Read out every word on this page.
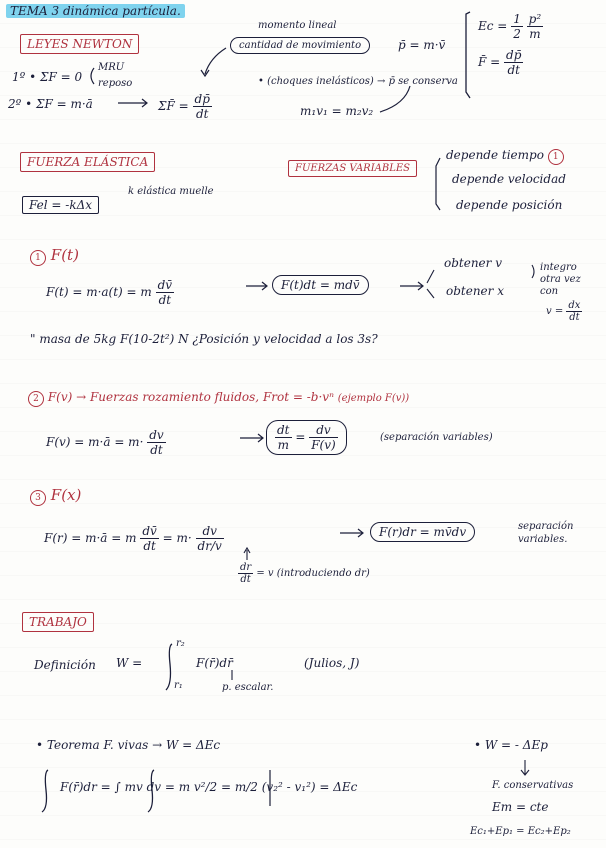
TEMA 3 dinámica partícula.
LEYES NEWTON
1º • ΣF = 0
MRU
reposo
2º • ΣF = m·ā	ΣF̄ = $\frac{dp̄}{dt}$
momento lineal
cantidad de movimiento	p̄ = m·v̄
• (choques inelásticos) → p̄ se conserva
m₁v₁ = m₂v₂
$Ec = \frac{1}{2}$
$\frac{\text{p²}}{m}$
F̄ = $\frac{dp̄}{dt}$
FUERZA ELÁSTICA
Fel = -kΔx
k elástica muelle
FUERZAS VARIABLES
depende tiempo 1
depende velocidad
depende posición
1 F(t)
F(t) = m·a(t) = m $\frac{dv̄}{dt}$	F(t)dt = mdv̄
obtener v
obtener x
integro otra vez con
$v = \frac{dx}{dt}$
" masa de 5kg F(10-2t²) N ¿Posición y velocidad a los 3s?
2 F(v) → Fuerzas rozamiento fluidos, Frot = -b·vⁿ (ejemplo F(v))
F(v) = m·ā = $m\cdot \frac{dv}{dt}$	$\frac{dt}{m} = \frac{dv}{F(v)}$	(separación variables)
3 F(x)
F(r) = m·ā = m $\frac{dv̄}{dt} = m\cdot \frac{dv}{dr/v}$	F(r)dr = mv̄dv	separación variables.
$\frac{dr}{dt} = v$ (introduciendo dr)
TRABAJO
Definición W =
r₂
r₁
F(r̄)dr̄	(Julios, J)
p. escalar.
• Teorema F. vivas → W = ΔEc
F(r̄)dr = ∫ mv dv = m v²/2 = m/2 (v₂² - v₁²) = ΔEc
• W = - ΔEp
F. conservativas
Em = cte
Ec₁+Ep₁ = Ec₂+Ep₂
